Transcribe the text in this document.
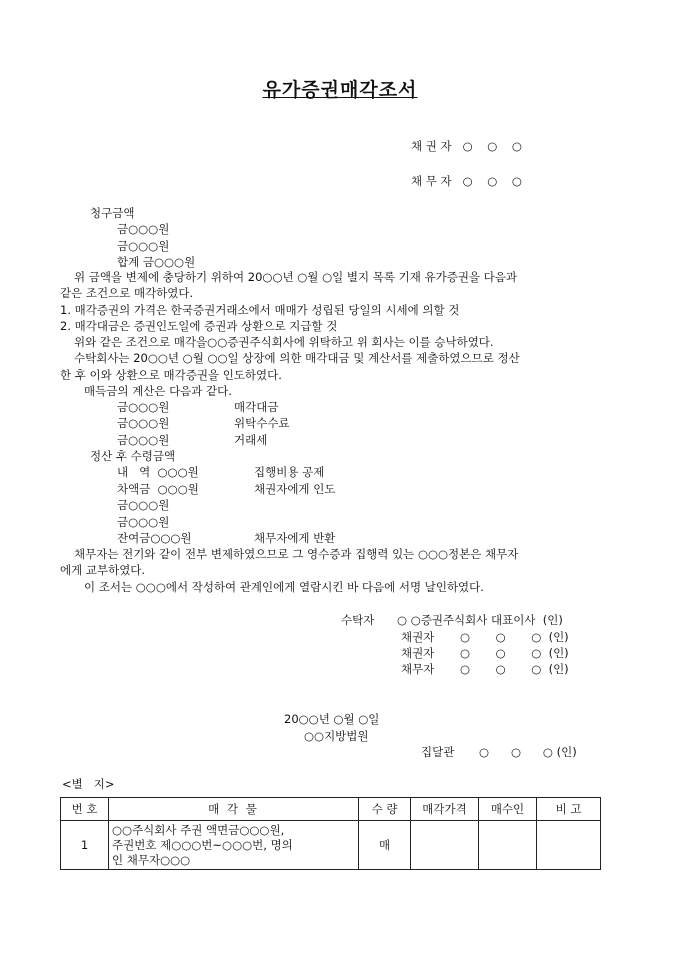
유가증권매각조서
채 권 자   ○    ○    ○
채 무 자   ○    ○    ○
청구금액
금○○○원
금○○○원
합계 금○○○원
위 금액을 변제에 충당하기 위하여 20○○년 ○월 ○일 별지 목록 기재 유가증권을 다음과
같은 조건으로 매각하였다.
1. 매각증권의 가격은 한국증권거래소에서 매매가 성립된 당일의 시세에 의할 것
2. 매각대금은 증권인도일에 증권과 상환으로 지급할 것
위와 같은 조건으로 매각을○○증권주식회사에 위탁하고 위 회사는 이를 승낙하였다.
수탁회사는 20○○년 ○월 ○○일 상장에 의한 매각대금 및 계산서를 제출하였으므로 정산
한 후 이와 상환으로 매각증권을 인도하였다.
매득금의 계산은 다음과 같다.
금○○○원	매각대금
금○○○원	위탁수수료
금○○○원	거래세
정산 후 수령금액
내   역  ○○○원	집행비용 공제
차액금  ○○○원	채권자에게 인도
금○○○원
금○○○원
잔여금○○○원	채무자에게 반환
채무자는 전기와 같이 전부 변제하였으므로 그 영수증과 집행력 있는 ○○○정본은 채무자
에게 교부하였다.
이 조서는 ○○○에서 작성하여 관계인에게 열람시킨 바 다음에 서명 날인하였다.
수탁자 ○ ○증권주식회사 대표이사  (인)
채권자 ○       ○       ○  (인)
채권자 ○       ○       ○  (인)
채무자 ○       ○       ○  (인)
20○○년 ○월 ○일
○○지방법원
집달관 ○      ○      ○ (인)
<별   지>
번 호	매 각 물	수 량	매각가격	매수인	비 고
1	○○주식회사 주권 액면금○○○원,
주권번호 제○○○번~○○○번, 명의
인 채무자○○○	매			
